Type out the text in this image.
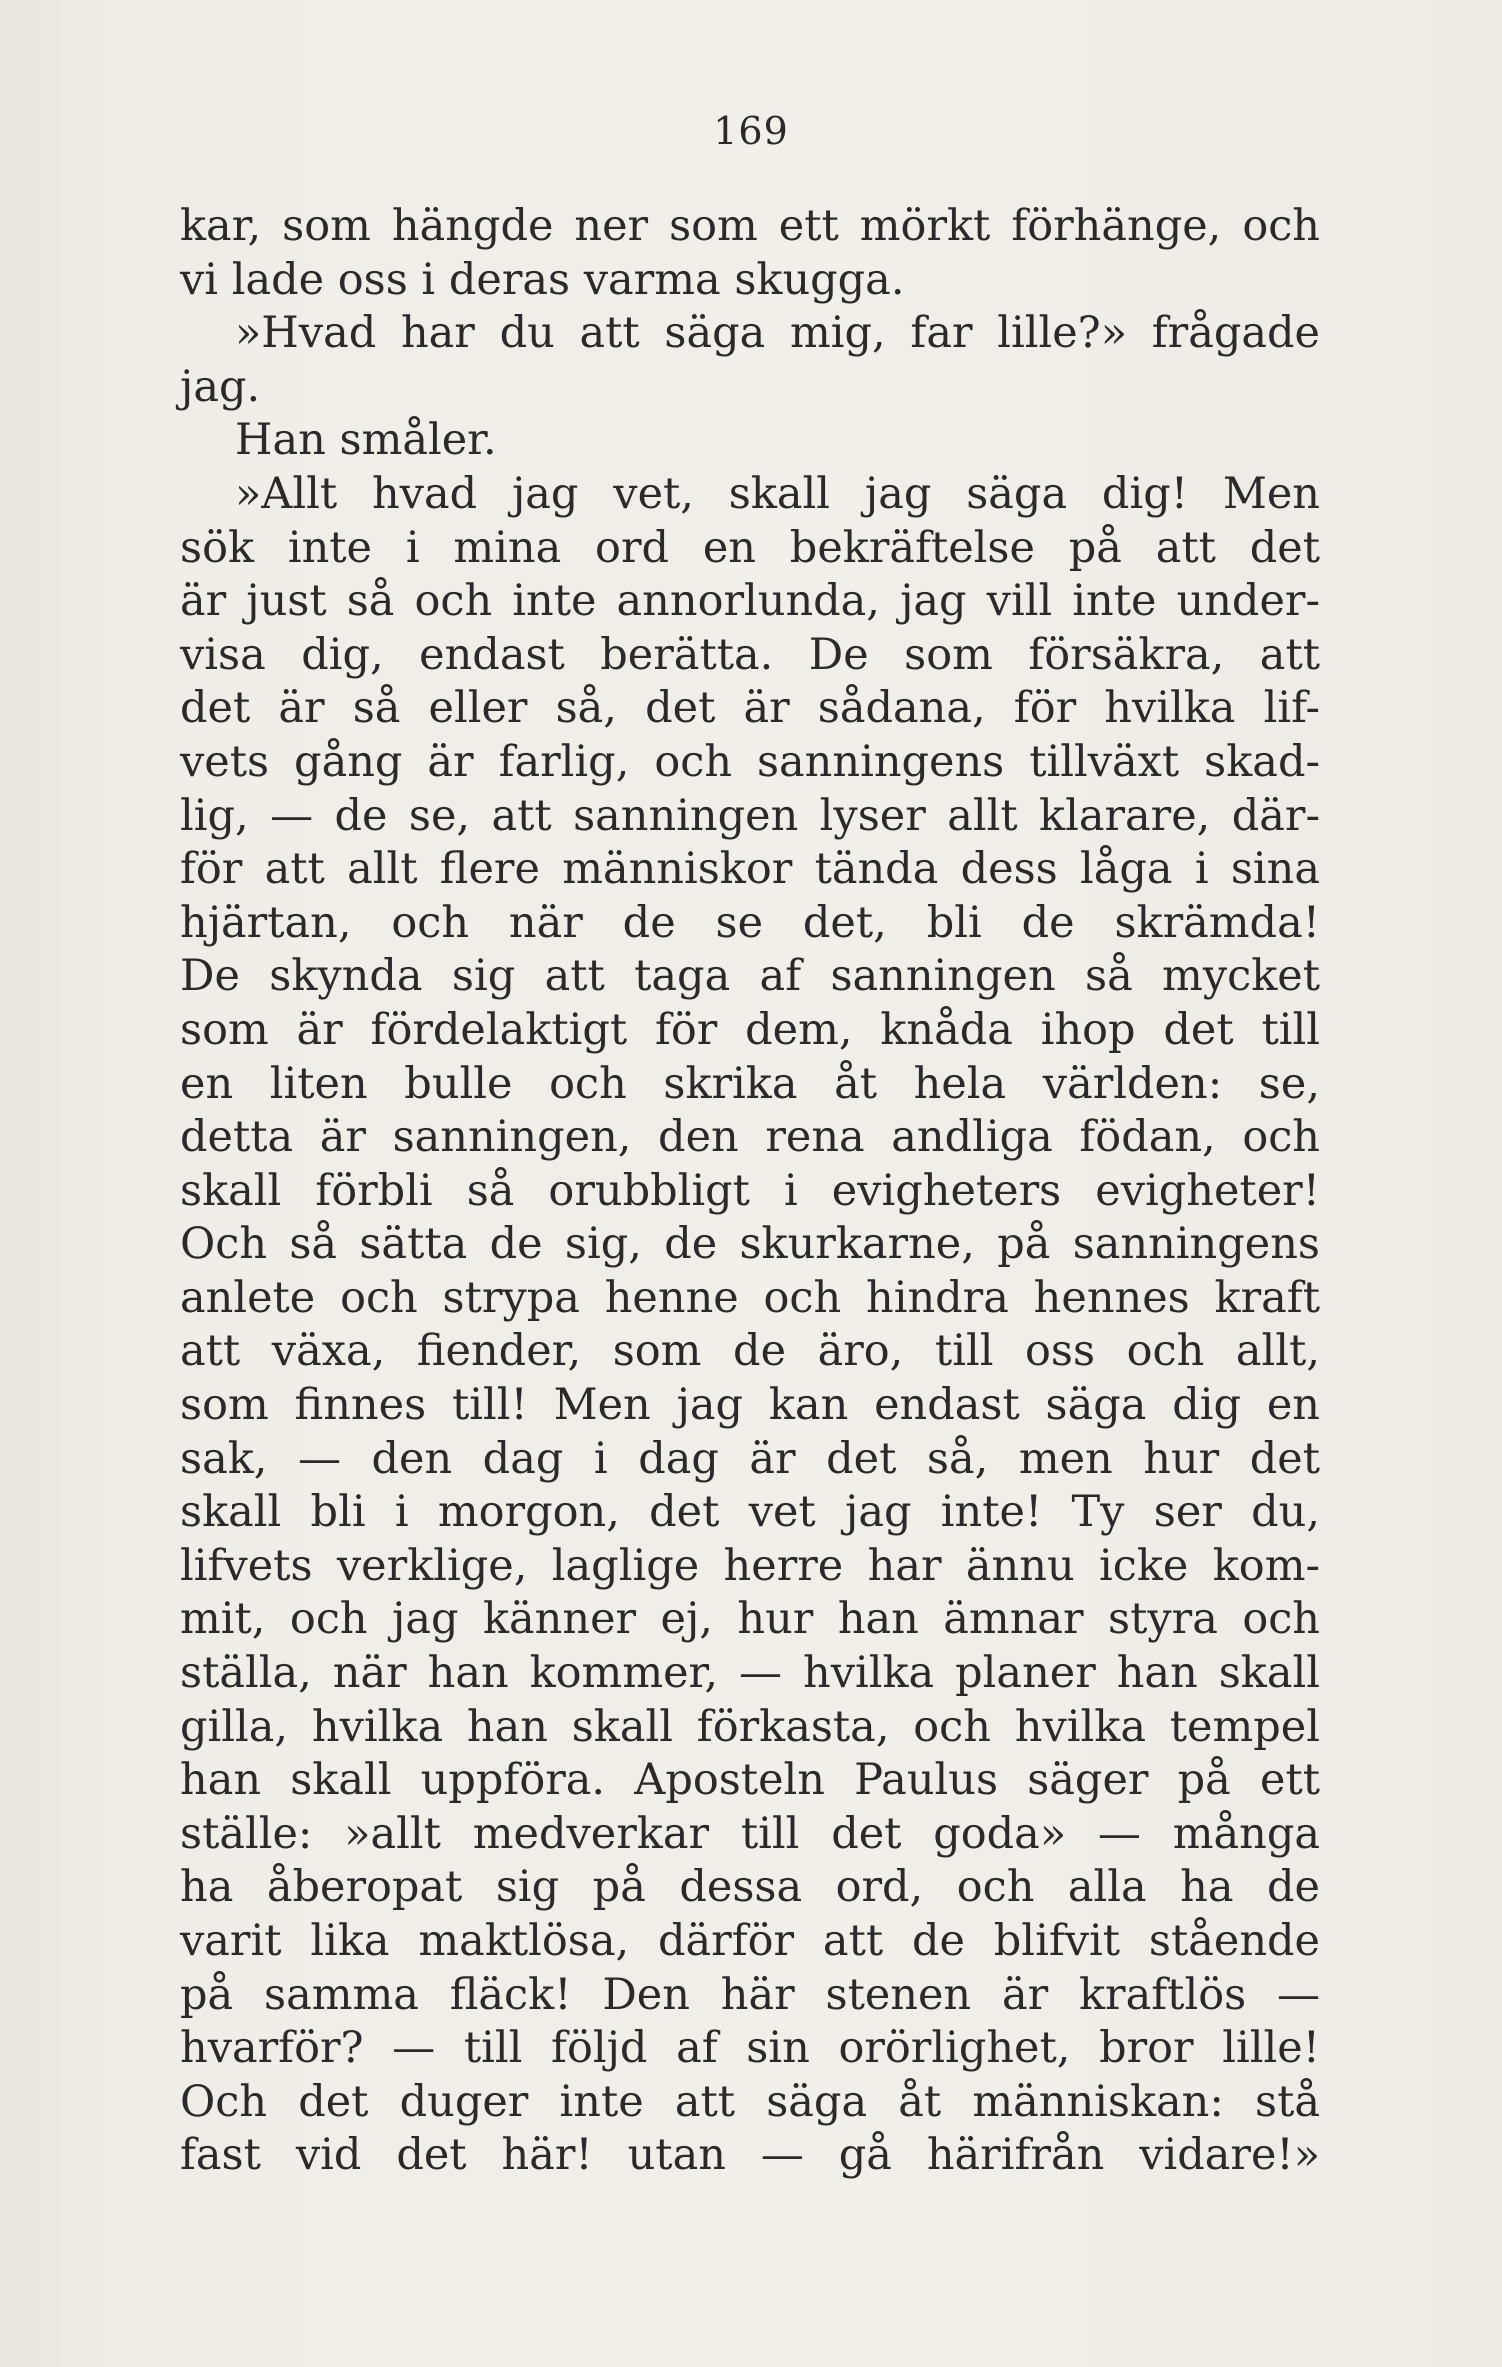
169
kar, som hängde ner som ett mörkt förhänge, och
vi lade oss i deras varma skugga.
»Hvad har du att säga mig, far lille?» frågade
jag.
Han småler.
»Allt hvad jag vet, skall jag säga dig! Men
sök inte i mina ord en bekräftelse på att det
är just så och inte annorlunda, jag vill inte under-
visa dig, endast berätta. De som försäkra, att
det är så eller så, det är sådana, för hvilka lif-
vets gång är farlig, och sanningens tillväxt skad-
lig, — de se, att sanningen lyser allt klarare, där-
för att allt flere människor tända dess låga i sina
hjärtan, och när de se det, bli de skrämda!
De skynda sig att taga af sanningen så mycket
som är fördelaktigt för dem, knåda ihop det till
en liten bulle och skrika åt hela världen: se,
detta är sanningen, den rena andliga födan, och
skall förbli så orubbligt i evigheters evigheter!
Och så sätta de sig, de skurkarne, på sanningens
anlete och strypa henne och hindra hennes kraft
att växa, fiender, som de äro, till oss och allt,
som finnes till! Men jag kan endast säga dig en
sak, — den dag i dag är det så, men hur det
skall bli i morgon, det vet jag inte! Ty ser du,
lifvets verklige, laglige herre har ännu icke kom-
mit, och jag känner ej, hur han ämnar styra och
ställa, när han kommer, — hvilka planer han skall
gilla, hvilka han skall förkasta, och hvilka tempel
han skall uppföra. Aposteln Paulus säger på ett
ställe: »allt medverkar till det goda» — många
ha åberopat sig på dessa ord, och alla ha de
varit lika maktlösa, därför att de blifvit stående
på samma fläck! Den här stenen är kraftlös —
hvarför? — till följd af sin orörlighet, bror lille!
Och det duger inte att säga åt människan: stå
fast vid det här! utan — gå härifrån vidare!»
